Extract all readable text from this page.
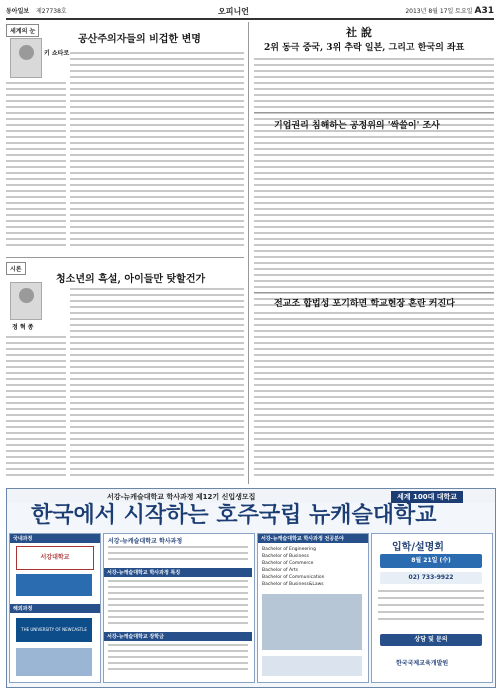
동아일보 제27738호	오피니언	2013년 8월 17일 토요일 A31
세계의 눈
키 쇼타로
공산주의자들의 비겁한 변명
시론
정 혁 종
청소년의 흑설, 아이들만 탓할건가
社 說
2위 동극 중국, 3위 추락 일본, 그리고 한국의 좌표
기업권리 침해하는 공정위의 '싹쓸이' 조사
전교조 합법성 포기하면 학교현장 혼란 커진다
서강-뉴캐슬대학교 학사과정 제12기 신입생모집	세계 100대 대학교
한국에서 시작하는 호주국립 뉴캐슬대학교
국내과정
서강대학교
해외과정
THE UNIVERSITY OF NEWCASTLE
서강-뉴캐슬대학교 학사과정
서강-뉴캐슬대학교 학사과정 특징
서강-뉴캐슬대학교 장학금
서강-뉴캐슬대학교 학사과정 전공분야
Bachelor of Engineering
Bachelor of Business
Bachelor of Commerce
Bachelor of Arts
Bachelor of Communication
Bachelor of Business&Laws
입학/설명회
8월 21일 (수)
02) 733-9922
상담 및 문의
한국국제교육개발원
